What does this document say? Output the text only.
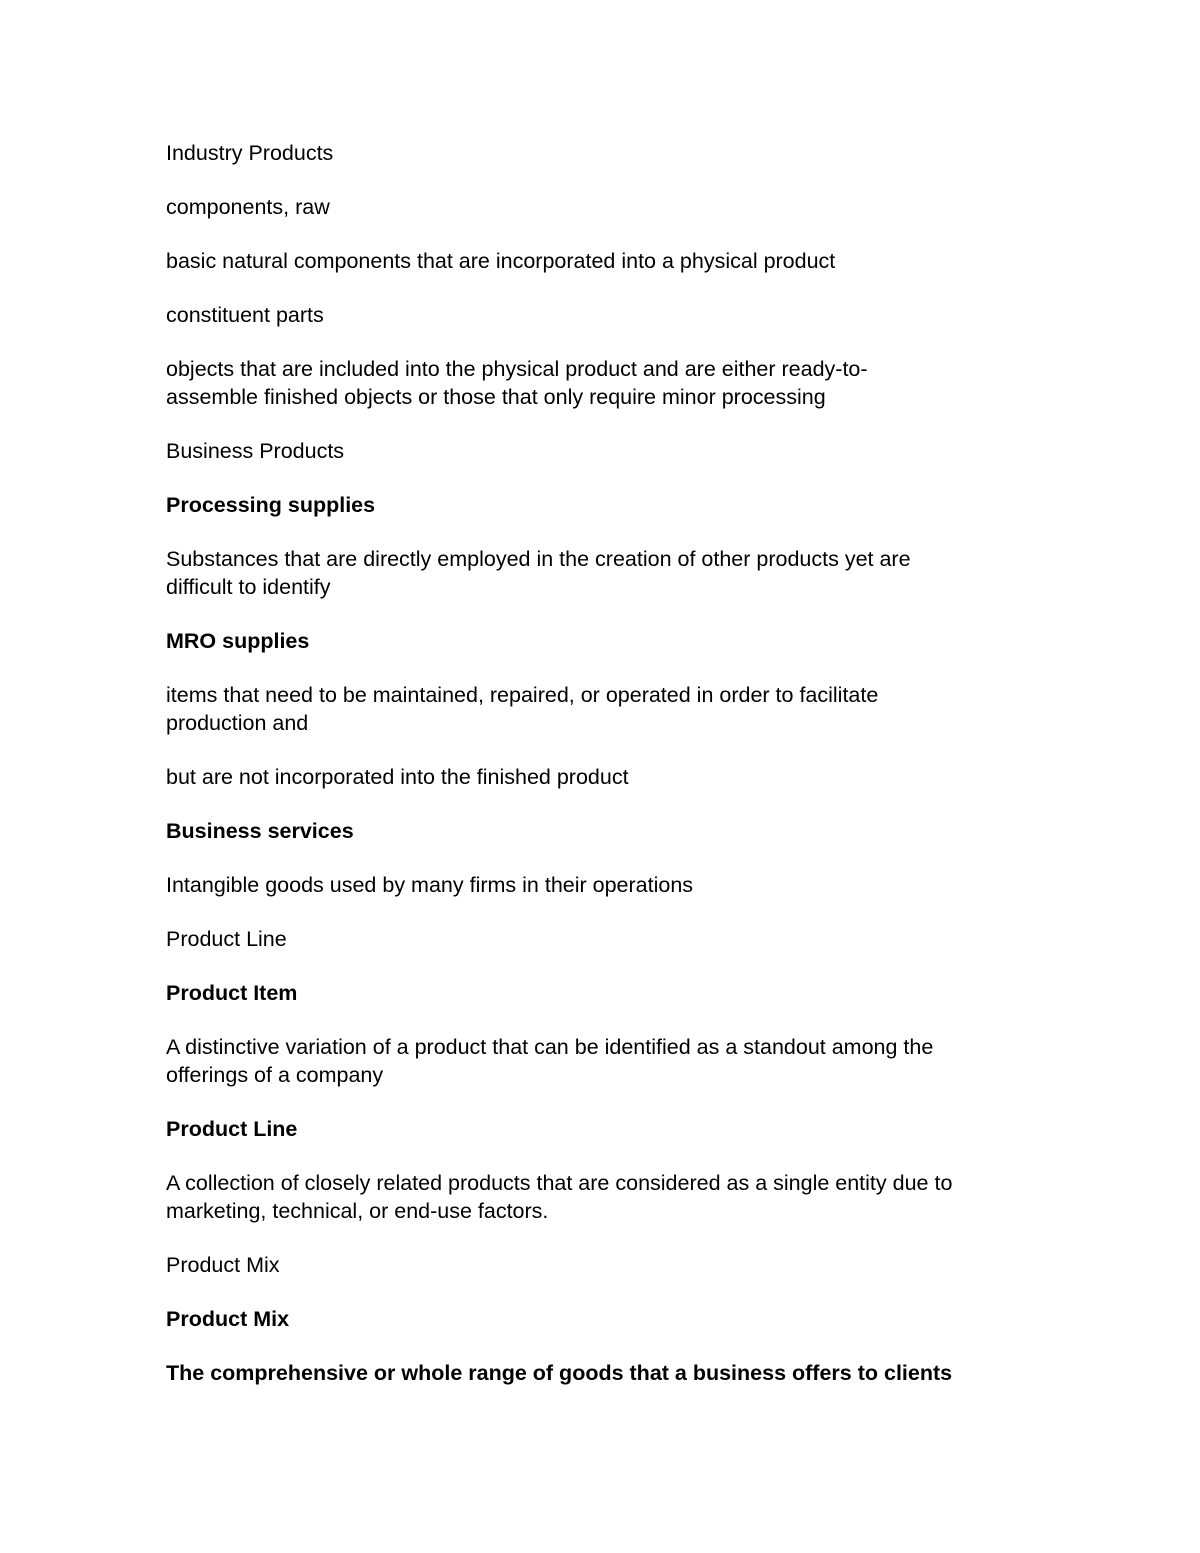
Industry Products

components, raw

basic natural components that are incorporated into a physical product

constituent parts

objects that are included into the physical product and are either ready-to-
assemble finished objects or those that only require minor processing

Business Products

Processing supplies

Substances that are directly employed in the creation of other products yet are
difficult to identify

MRO supplies

items that need to be maintained, repaired, or operated in order to facilitate
production and

but are not incorporated into the finished product

Business services

Intangible goods used by many firms in their operations

Product Line

Product Item

A distinctive variation of a product that can be identified as a standout among the
offerings of a company

Product Line

A collection of closely related products that are considered as a single entity due to
marketing, technical, or end-use factors.

Product Mix

Product Mix

The comprehensive or whole range of goods that a business offers to clients
